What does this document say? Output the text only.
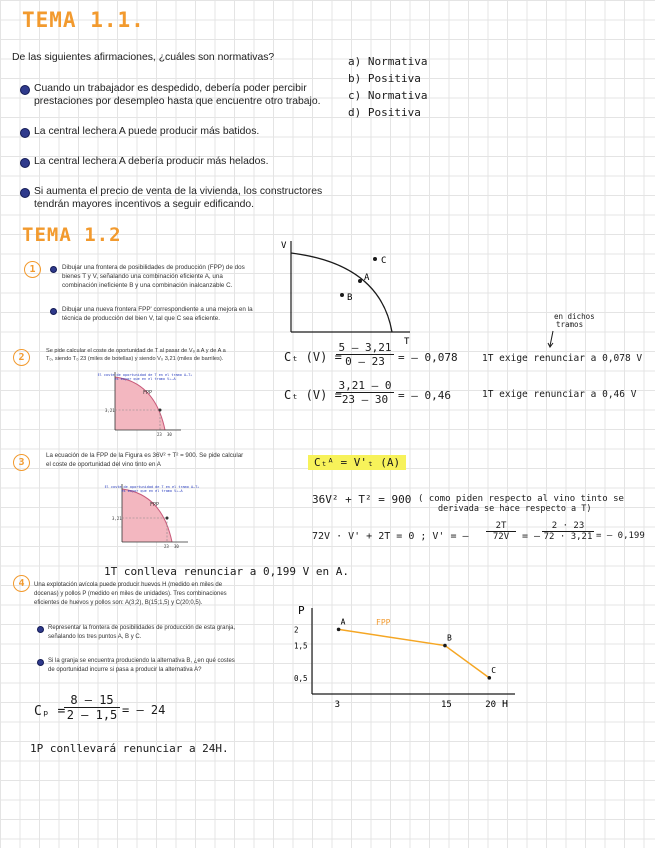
TEMA 1.1.
De las siguientes afirmaciones, ¿cuáles son normativas?
Cuando un trabajador es despedido, debería poder percibir
prestaciones por desempleo hasta que encuentre otro trabajo.
La central lechera A puede producir más batidos.
La central lechera A debería producir más helados.
Si aumenta el precio de venta de la vivienda, los constructores
tendrán mayores incentivos a seguir edificando.
a) Normativa
b) Positiva
c) Normativa
d) Positiva
TEMA 1.2
1	Dibujar una frontera de posibilidades de producción (FPP) de dos
bienes T y V, señalando una combinación eficiente A, una
combinación ineficiente B y una combinación inalcanzable C.
Dibujar una nueva frontera FPP' correspondiente a una mejora en la
técnica de producción del bien V, tal que C sea eficiente.
V
T
C
A
B
en dichos
tramos
2
Se pide calcular el coste de oportunidad de T al pasar de V₀ a A y de A a
T₀, siendo T₀ 23 (miles de botellas) y siendo V₀ 3,21 (miles de barriles).
El coste de oportunidad de T en el tramo A–T₀
es mayor que en el tramo V₀–A
FPP
3,21
23 30
Cₜ (V) =
$\frac{5 - 3,21}{0 - 23}$ = – 0,078	1T exige renunciar a 0,078 V
Cₜ (V) =
$\frac{3,21 - 0}{23 - 30}$ = – 0,46	1T exige renunciar a 0,46 V
3
La ecuación de la FPP de la Figura es 36V² + T² = 900. Se pide calcular
el coste de oportunidad del vino tinto en A
El coste de oportunidad de T en el tramo A–T₀
es mayor que en el tramo V₀–A
FPP
3,21
23 30
Cₜᴬ = V'ₜ (A)
36V² + T² = 900 ( como piden respecto al vino tinto se
derivada se hace respecto a T)
72V · V' + 2T = 0 ; V' = – $\frac{2T}{72V}$ = – $\frac{2 \cdot 23}{72 \cdot 3,21}$ = – 0,199
1T conlleva renunciar a 0,199 V en A.
4	Una explotación avícola puede producir huevos H (medido en miles de
docenas) y pollos P (medido en miles de unidades). Tres combinaciones
eficientes de huevos y pollos son: A(3;2), B(15;1,5) y C(20;0,5).
Representar la frontera de posibilidades de producción de esta granja,
señalando los tres puntos A, B y C.
Si la granja se encuentra produciendo la alternativa B, ¿en qué costes
de oportunidad incurre si pasa a producir la alternativa A?
Cₚ =
$\frac{8 - 15}{2 - 1,5}$ = – 24
1P conllevará renunciar a 24H.
P
H
FPP
A
3
2
B
15
1,5
C
20
0,5
